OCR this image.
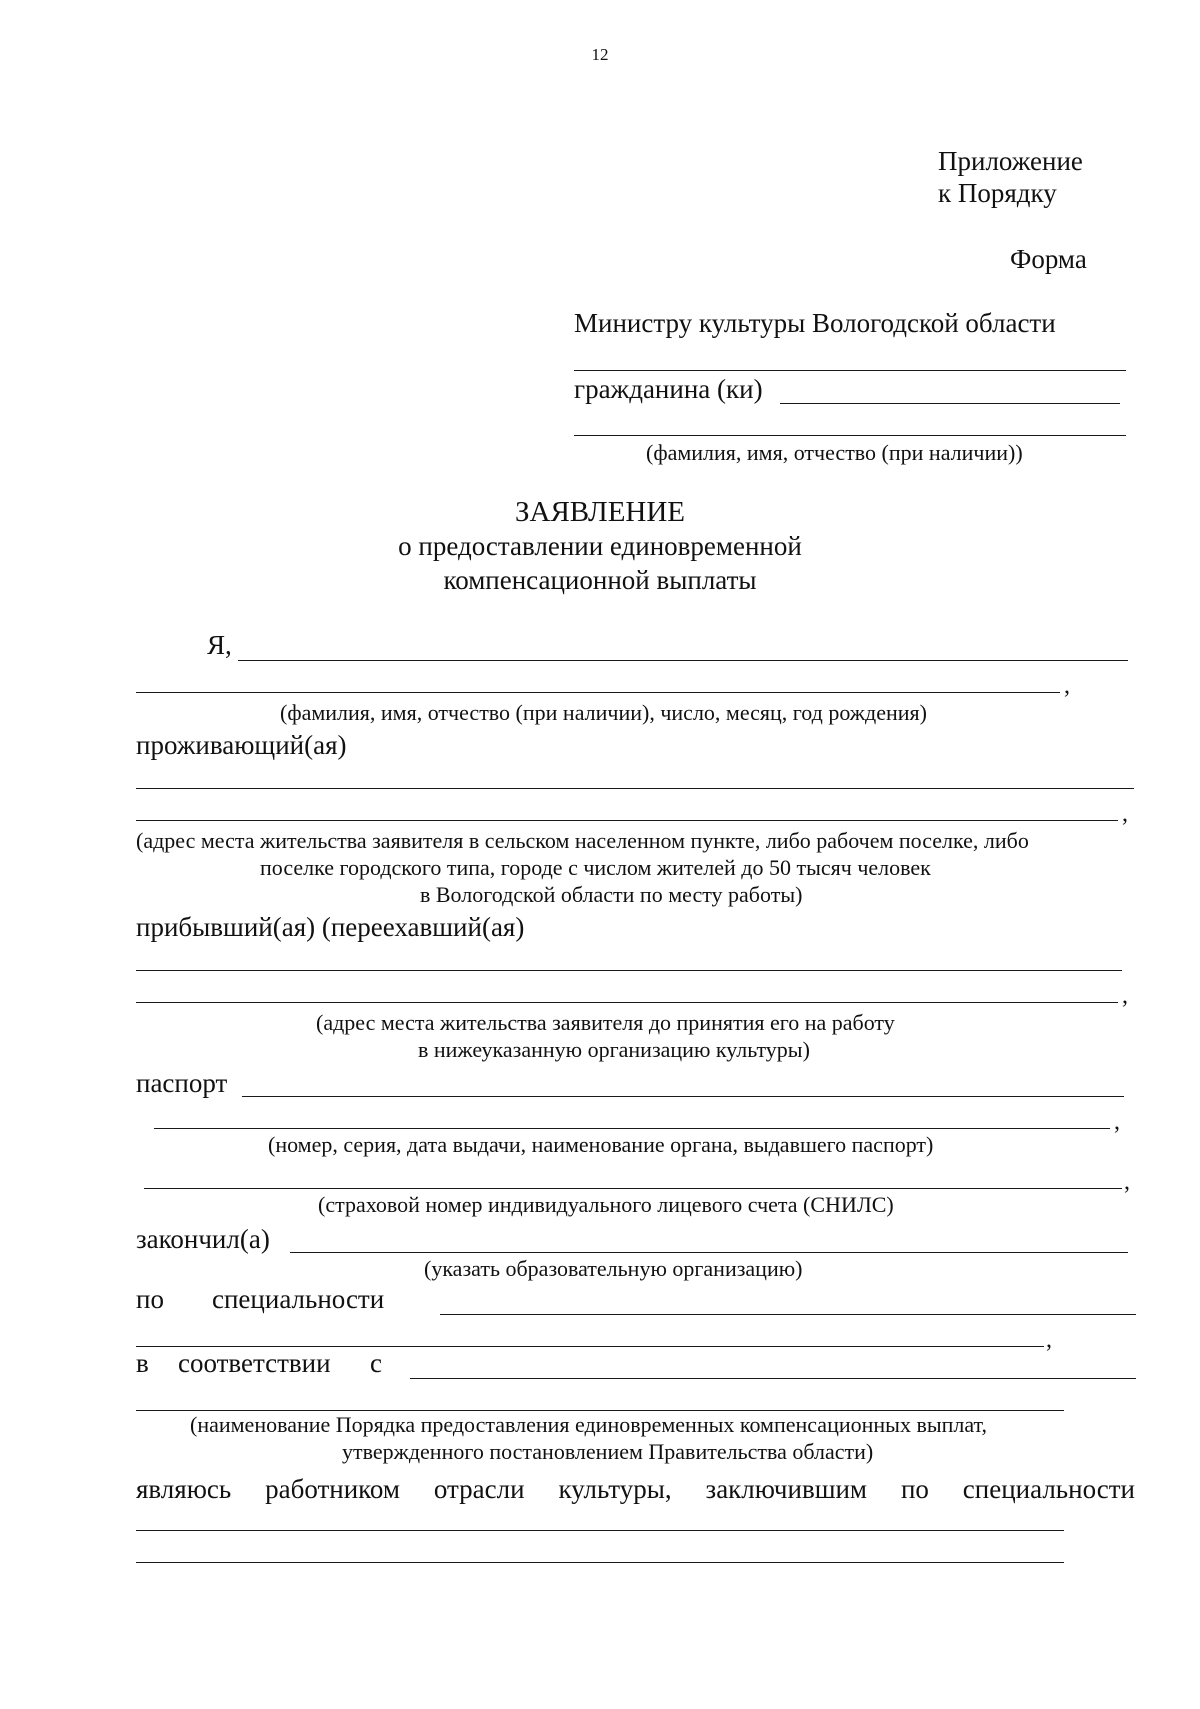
12
Приложение
к Порядку
Форма
Министру культуры Вологодской области
гражданина (ки)
(фамилия, имя, отчество (при наличии))
ЗАЯВЛЕНИЕ
о предоставлении единовременной
компенсационной выплаты
Я,
,
(фамилия, имя, отчество (при наличии), число, месяц, год рождения)
проживающий(ая)
,
(адрес места жительства заявителя в сельском населенном пункте, либо рабочем поселке, либо
поселке городского типа, городе с числом жителей до 50 тысяч человек
в Вологодской области по месту работы)
прибывший(ая) (переехавший(ая)
,
(адрес места жительства заявителя до принятия его на работу
в нижеуказанную организацию культуры)
паспорт
,
(номер, серия, дата выдачи, наименование органа, выдавшего паспорт)
,
(страховой номер индивидуального лицевого счета (СНИЛС)
закончил(а)
(указать образовательную организацию)
по специальности
,
в соответствии с
(наименование Порядка предоставления единовременных компенсационных выплат,
утвержденного постановлением Правительства области)
являюсь работником отрасли культуры, заключившим по специальности
